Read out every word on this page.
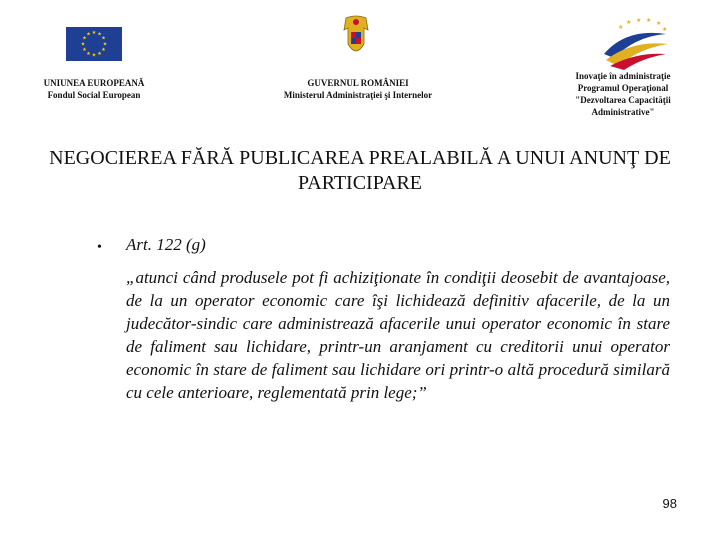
★ ★
★
★
★
★
★
★
★
★
★
★
UNIUNEA EUROPEANĂ
Fondul Social European
GUVERNUL ROMÂNIEI
Ministerul Administraţiei şi Internelor
★ ★ ★ ★
★
★
Inovaţie în administraţie
Programul Operaţional
"Dezvoltarea Capacităţii
Administrative"
NEGOCIEREA FĂRĂ PUBLICAREA PREALABILĂ A UNUI ANUNŢ DE PARTICIPARE
• Art. 122 (g)
„atunci când produsele pot fi achiziţionate în condiţii deosebit de avantajoase, de la un operator economic care îşi lichidează definitiv afacerile, de la un judecător-sindic care administrează afacerile unui operator economic în stare de faliment sau lichidare, printr-un aranjament cu creditorii unui operator economic în stare de faliment sau lichidare ori printr-o altă procedură similară cu cele anterioare, reglementată prin lege;”
98
